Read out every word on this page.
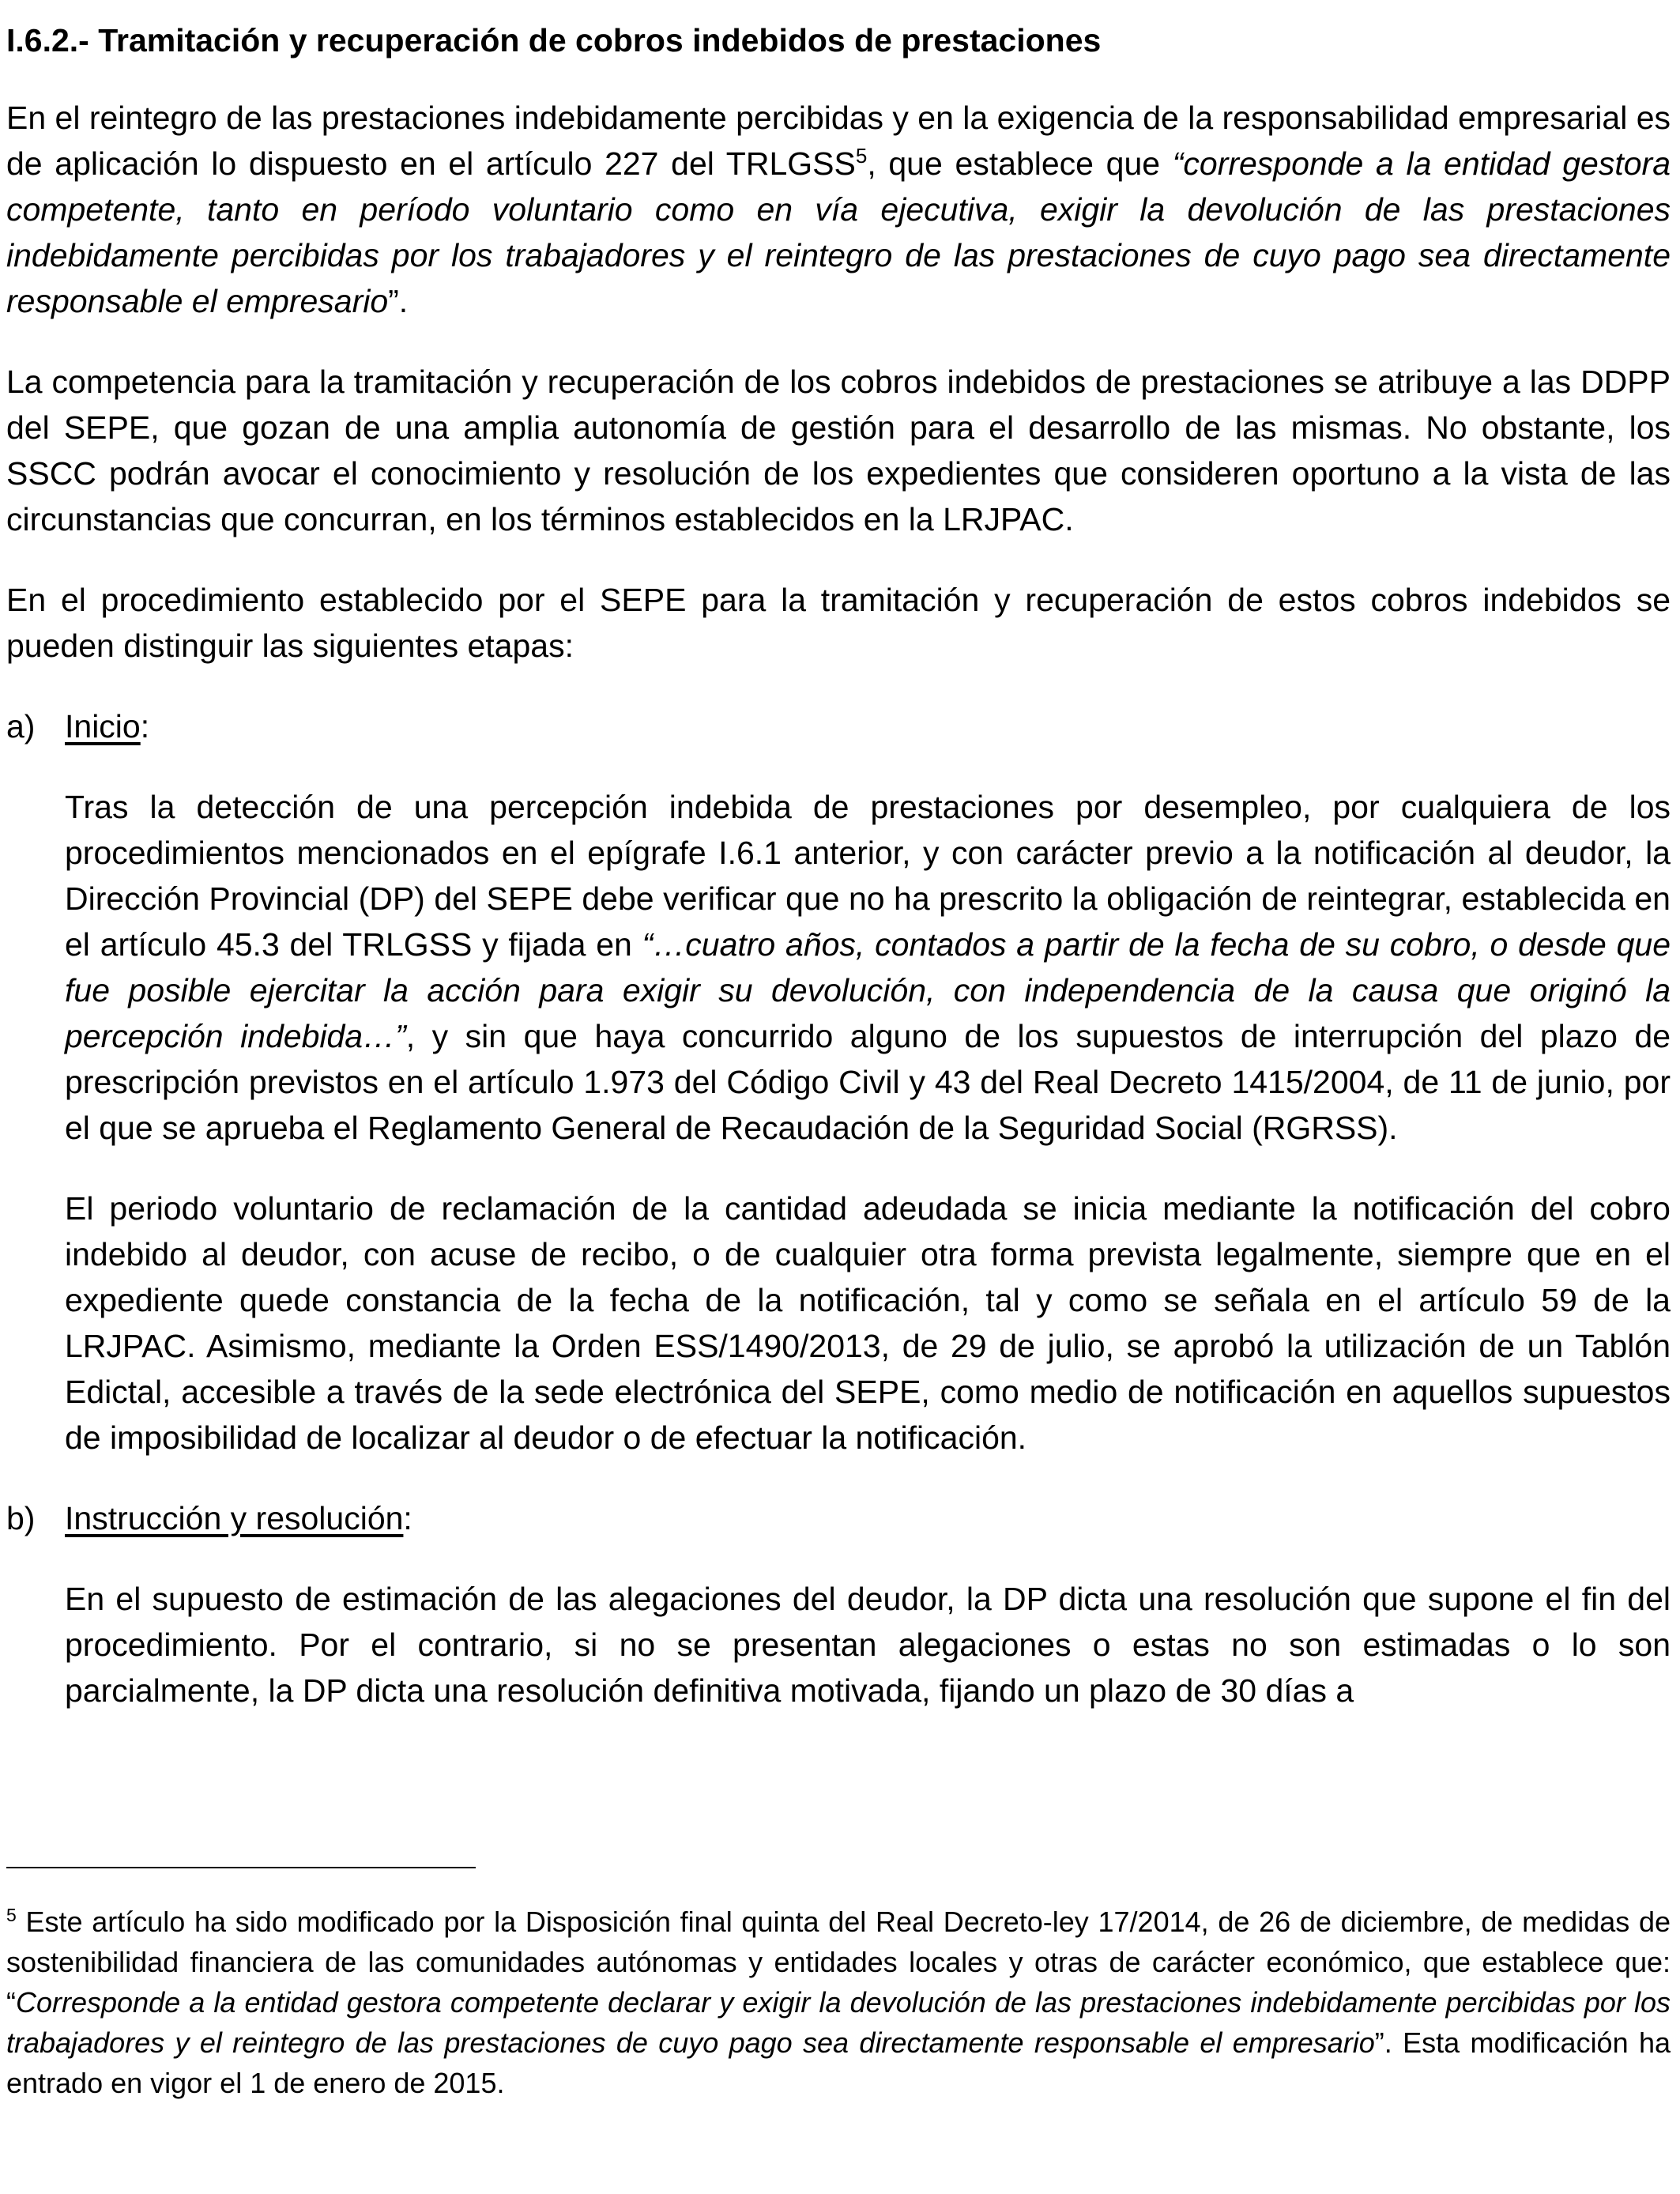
I.6.2.- Tramitación y recuperación de cobros indebidos de prestaciones

En el reintegro de las prestaciones indebidamente percibidas y en la exigencia de la responsabilidad empresarial es de aplicación lo dispuesto en el artículo 227 del TRLGSS$^5$, que establece que “corresponde a la entidad gestora competente, tanto en período voluntario como en vía ejecutiva, exigir la devolución de las prestaciones indebidamente percibidas por los trabajadores y el reintegro de las prestaciones de cuyo pago sea directamente responsable el empresario”.

La competencia para la tramitación y recuperación de los cobros indebidos de prestaciones se atribuye a las DDPP del SEPE, que gozan de una amplia autonomía de gestión para el desarrollo de las mismas. No obstante, los SSCC podrán avocar el conocimiento y resolución de los expedientes que consideren oportuno a la vista de las circunstancias que concurran, en los términos establecidos en la LRJPAC.

En el procedimiento establecido por el SEPE para la tramitación y recuperación de estos cobros indebidos se pueden distinguir las siguientes etapas:

a) Inicio:

Tras la detección de una percepción indebida de prestaciones por desempleo, por cualquiera de los procedimientos mencionados en el epígrafe I.6.1 anterior, y con carácter previo a la notificación al deudor, la Dirección Provincial (DP) del SEPE debe verificar que no ha prescrito la obligación de reintegrar, establecida en el artículo 45.3 del TRLGSS y fijada en “…cuatro años, contados a partir de la fecha de su cobro, o desde que fue posible ejercitar la acción para exigir su devolución, con independencia de la causa que originó la percepción indebida…”, y sin que haya concurrido alguno de los supuestos de interrupción del plazo de prescripción previstos en el artículo 1.973 del Código Civil y 43 del Real Decreto 1415/2004, de 11 de junio, por el que se aprueba el Reglamento General de Recaudación de la Seguridad Social (RGRSS).

El periodo voluntario de reclamación de la cantidad adeudada se inicia mediante la notificación del cobro indebido al deudor, con acuse de recibo, o de cualquier otra forma prevista legalmente, siempre que en el expediente quede constancia de la fecha de la notificación, tal y como se señala en el artículo 59 de la LRJPAC. Asimismo, mediante la Orden ESS/1490/2013, de 29 de julio, se aprobó la utilización de un Tablón Edictal, accesible a través de la sede electrónica del SEPE, como medio de notificación en aquellos supuestos de imposibilidad de localizar al deudor o de efectuar la notificación.

b) Instrucción y resolución:

En el supuesto de estimación de las alegaciones del deudor, la DP dicta una resolución que supone el fin del procedimiento. Por el contrario, si no se presentan alegaciones o estas no son estimadas o lo son parcialmente, la DP dicta una resolución definitiva motivada, fijando un plazo de 30 días a

$^5$ Este artículo ha sido modificado por la Disposición final quinta del Real Decreto-ley 17/2014, de 26 de diciembre, de medidas de sostenibilidad financiera de las comunidades autónomas y entidades locales y otras de carácter económico, que establece que: “Corresponde a la entidad gestora competente declarar y exigir la devolución de las prestaciones indebidamente percibidas por los trabajadores y el reintegro de las prestaciones de cuyo pago sea directamente responsable el empresario”. Esta modificación ha entrado en vigor el 1 de enero de 2015.
